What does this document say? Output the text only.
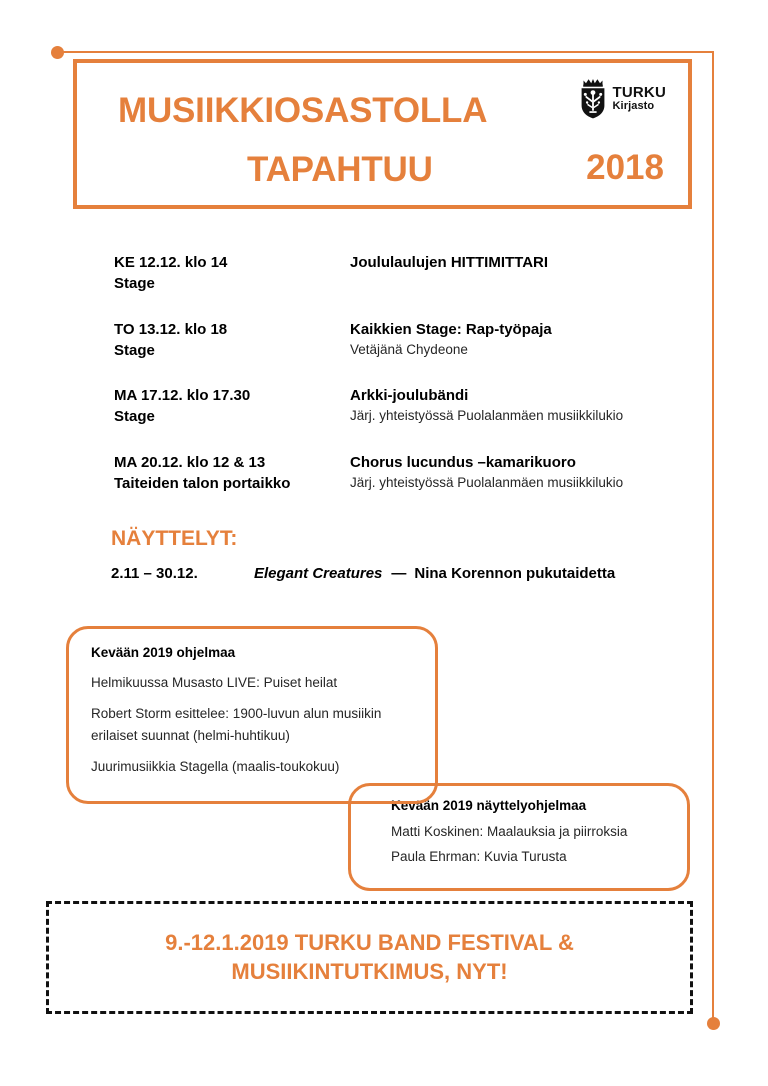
MUSIIKKIOSASTOLLA
TAPAHTUU	2018
TURKU
Kirjasto
KE 12.12. klo 14
Stage
Joululaulujen HITTIMITTARI
TO 13.12. klo 18
Stage
Kaikkien Stage: Rap-työpaja
Vetäjänä Chydeone
MA 17.12. klo 17.30
Stage
Arkki-joulubändi
Järj. yhteistyössä Puolalanmäen musiikkilukio
MA 20.12. klo 12 & 13
Taiteiden talon portaikko
Chorus lucundus –kamarikuoro
Järj. yhteistyössä Puolalanmäen musiikkilukio
NÄYTTELYT:
2.11 – 30.12.	Elegant Creatures — Nina Korennon pukutaidetta
Kevään 2019 ohjelmaa
Helmikuussa Musasto LIVE: Puiset heilat
Robert Storm esittelee: 1900-luvun alun musiikin erilaiset suunnat (helmi-huhtikuu)
Juurimusiikkia Stagella (maalis-toukokuu)
Kevään 2019 näyttelyohjelmaa
Matti Koskinen: Maalauksia ja piirroksia
Paula Ehrman: Kuvia Turusta
9.-12.1.2019 TURKU BAND FESTIVAL &
MUSIIKINTUTKIMUS, NYT!
